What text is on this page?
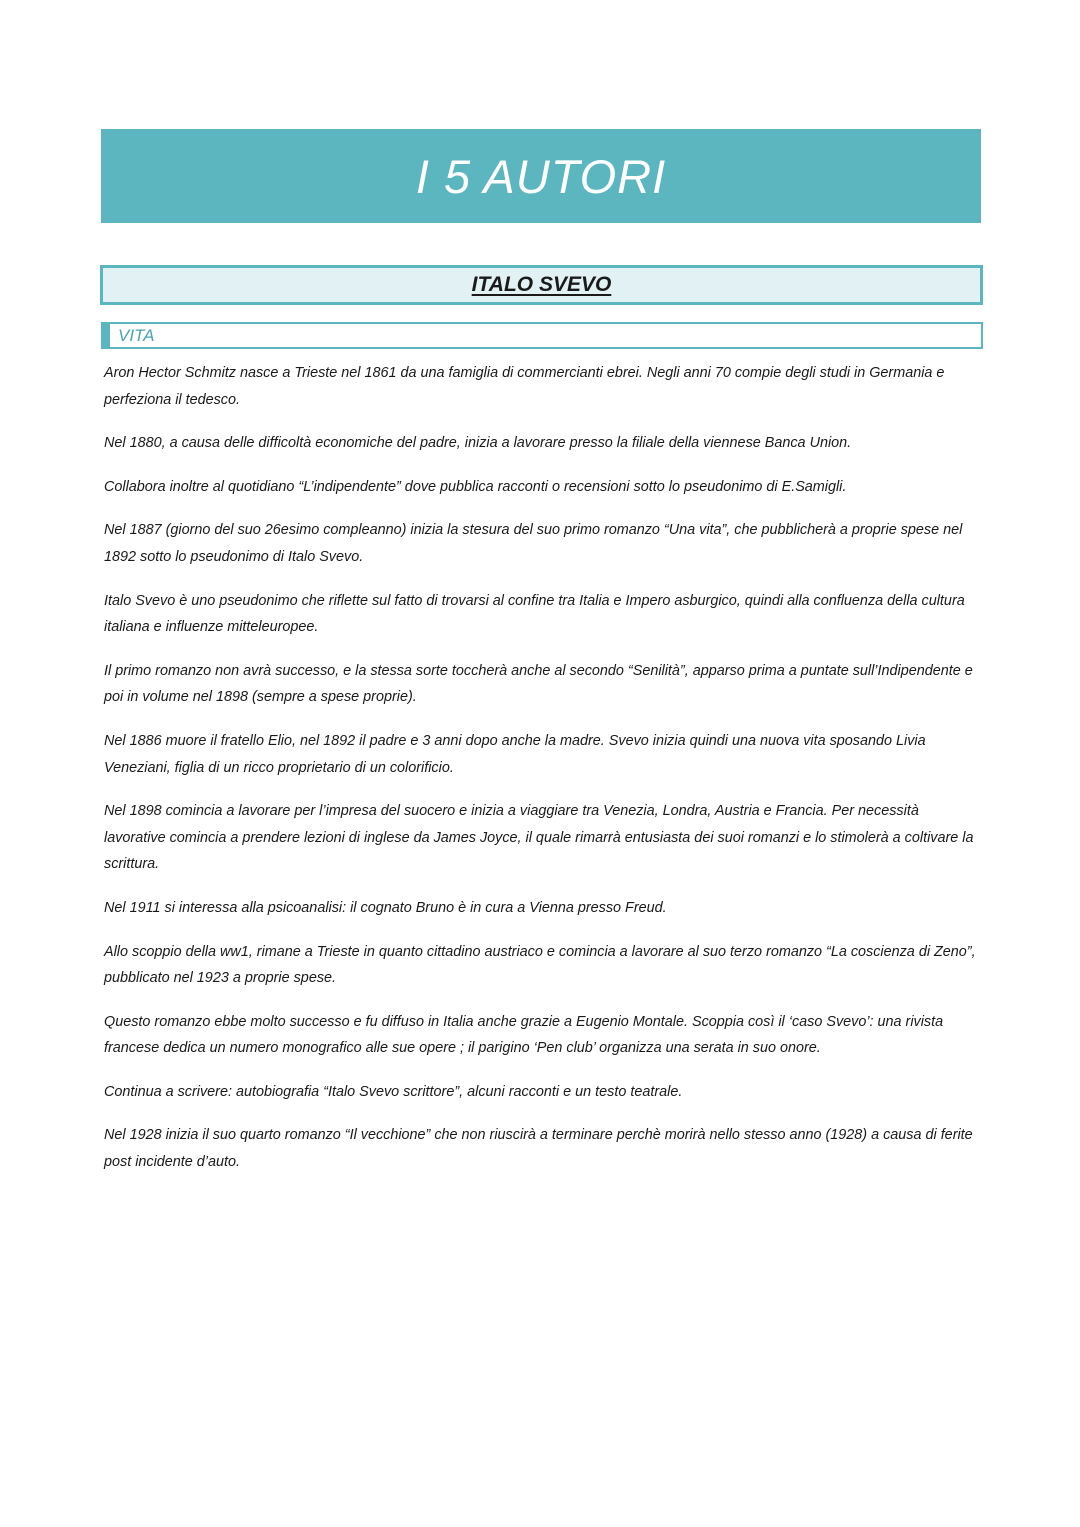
I 5 AUTORI
ITALO SVEVO
VITA

Aron Hector Schmitz nasce a Trieste nel 1861 da una famiglia di commercianti ebrei. Negli anni 70 compie degli studi in Germania e perfeziona il tedesco.

Nel 1880, a causa delle difficoltà economiche del padre, inizia a lavorare presso la filiale della viennese Banca Union.

Collabora inoltre al quotidiano “L’indipendente” dove pubblica racconti o recensioni sotto lo pseudonimo di E.Samigli.

Nel 1887 (giorno del suo 26esimo compleanno) inizia la stesura del suo primo romanzo “Una vita”, che pubblicherà a proprie spese nel 1892 sotto lo pseudonimo di Italo Svevo.

Italo Svevo è uno pseudonimo che riflette sul fatto di trovarsi al confine tra Italia e Impero asburgico, quindi alla confluenza della cultura italiana e influenze mitteleuropee.

Il primo romanzo non avrà successo, e la stessa sorte toccherà anche al secondo “Senilità”, apparso prima a puntate sull’Indipendente e poi in volume nel 1898 (sempre a spese proprie).

Nel 1886 muore il fratello Elio, nel 1892 il padre e 3 anni dopo anche la madre. Svevo inizia quindi una nuova vita sposando Livia Veneziani, figlia di un ricco proprietario di un colorificio.

Nel 1898 comincia a lavorare per l’impresa del suocero e inizia a viaggiare tra Venezia, Londra, Austria e Francia. Per necessità lavorative comincia a prendere lezioni di inglese da James Joyce, il quale rimarrà entusiasta dei suoi romanzi e lo stimolerà a coltivare la scrittura.

Nel 1911 si interessa alla psicoanalisi: il cognato Bruno è in cura a Vienna presso Freud.

Allo scoppio della ww1, rimane a Trieste in quanto cittadino austriaco e comincia a lavorare al suo terzo romanzo “La coscienza di Zeno”, pubblicato nel 1923 a proprie spese.

Questo romanzo ebbe molto successo e fu diffuso in Italia anche grazie a Eugenio Montale. Scoppia così il ‘caso Svevo’: una rivista francese dedica un numero monografico alle sue opere ; il parigino ‘Pen club’ organizza una serata in suo onore.

Continua a scrivere: autobiografia “Italo Svevo scrittore”, alcuni racconti e un testo teatrale.

Nel 1928 inizia il suo quarto romanzo “Il vecchione” che non riuscirà a terminare perchè morirà nello stesso anno (1928) a causa di ferite post incidente d’auto.
